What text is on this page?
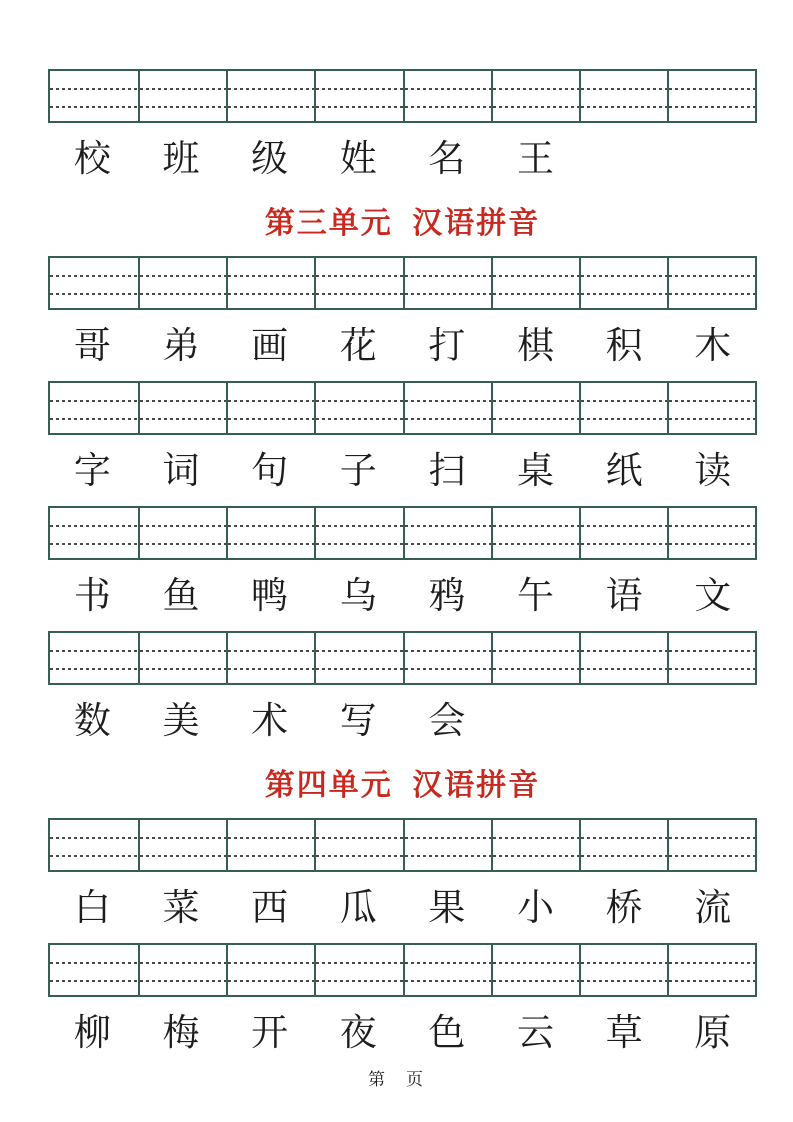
校	班	级	姓	名	王
第三单元 汉语拼音
哥	弟	画	花	打	棋	积	木
字	词	句	子	扫	桌	纸	读
书	鱼	鸭	乌	鸦	午	语	文
数	美	术	写	会
第四单元 汉语拼音
白	菜	西	瓜	果	小	桥	流
柳	梅	开	夜	色	云	草	原
第　页
